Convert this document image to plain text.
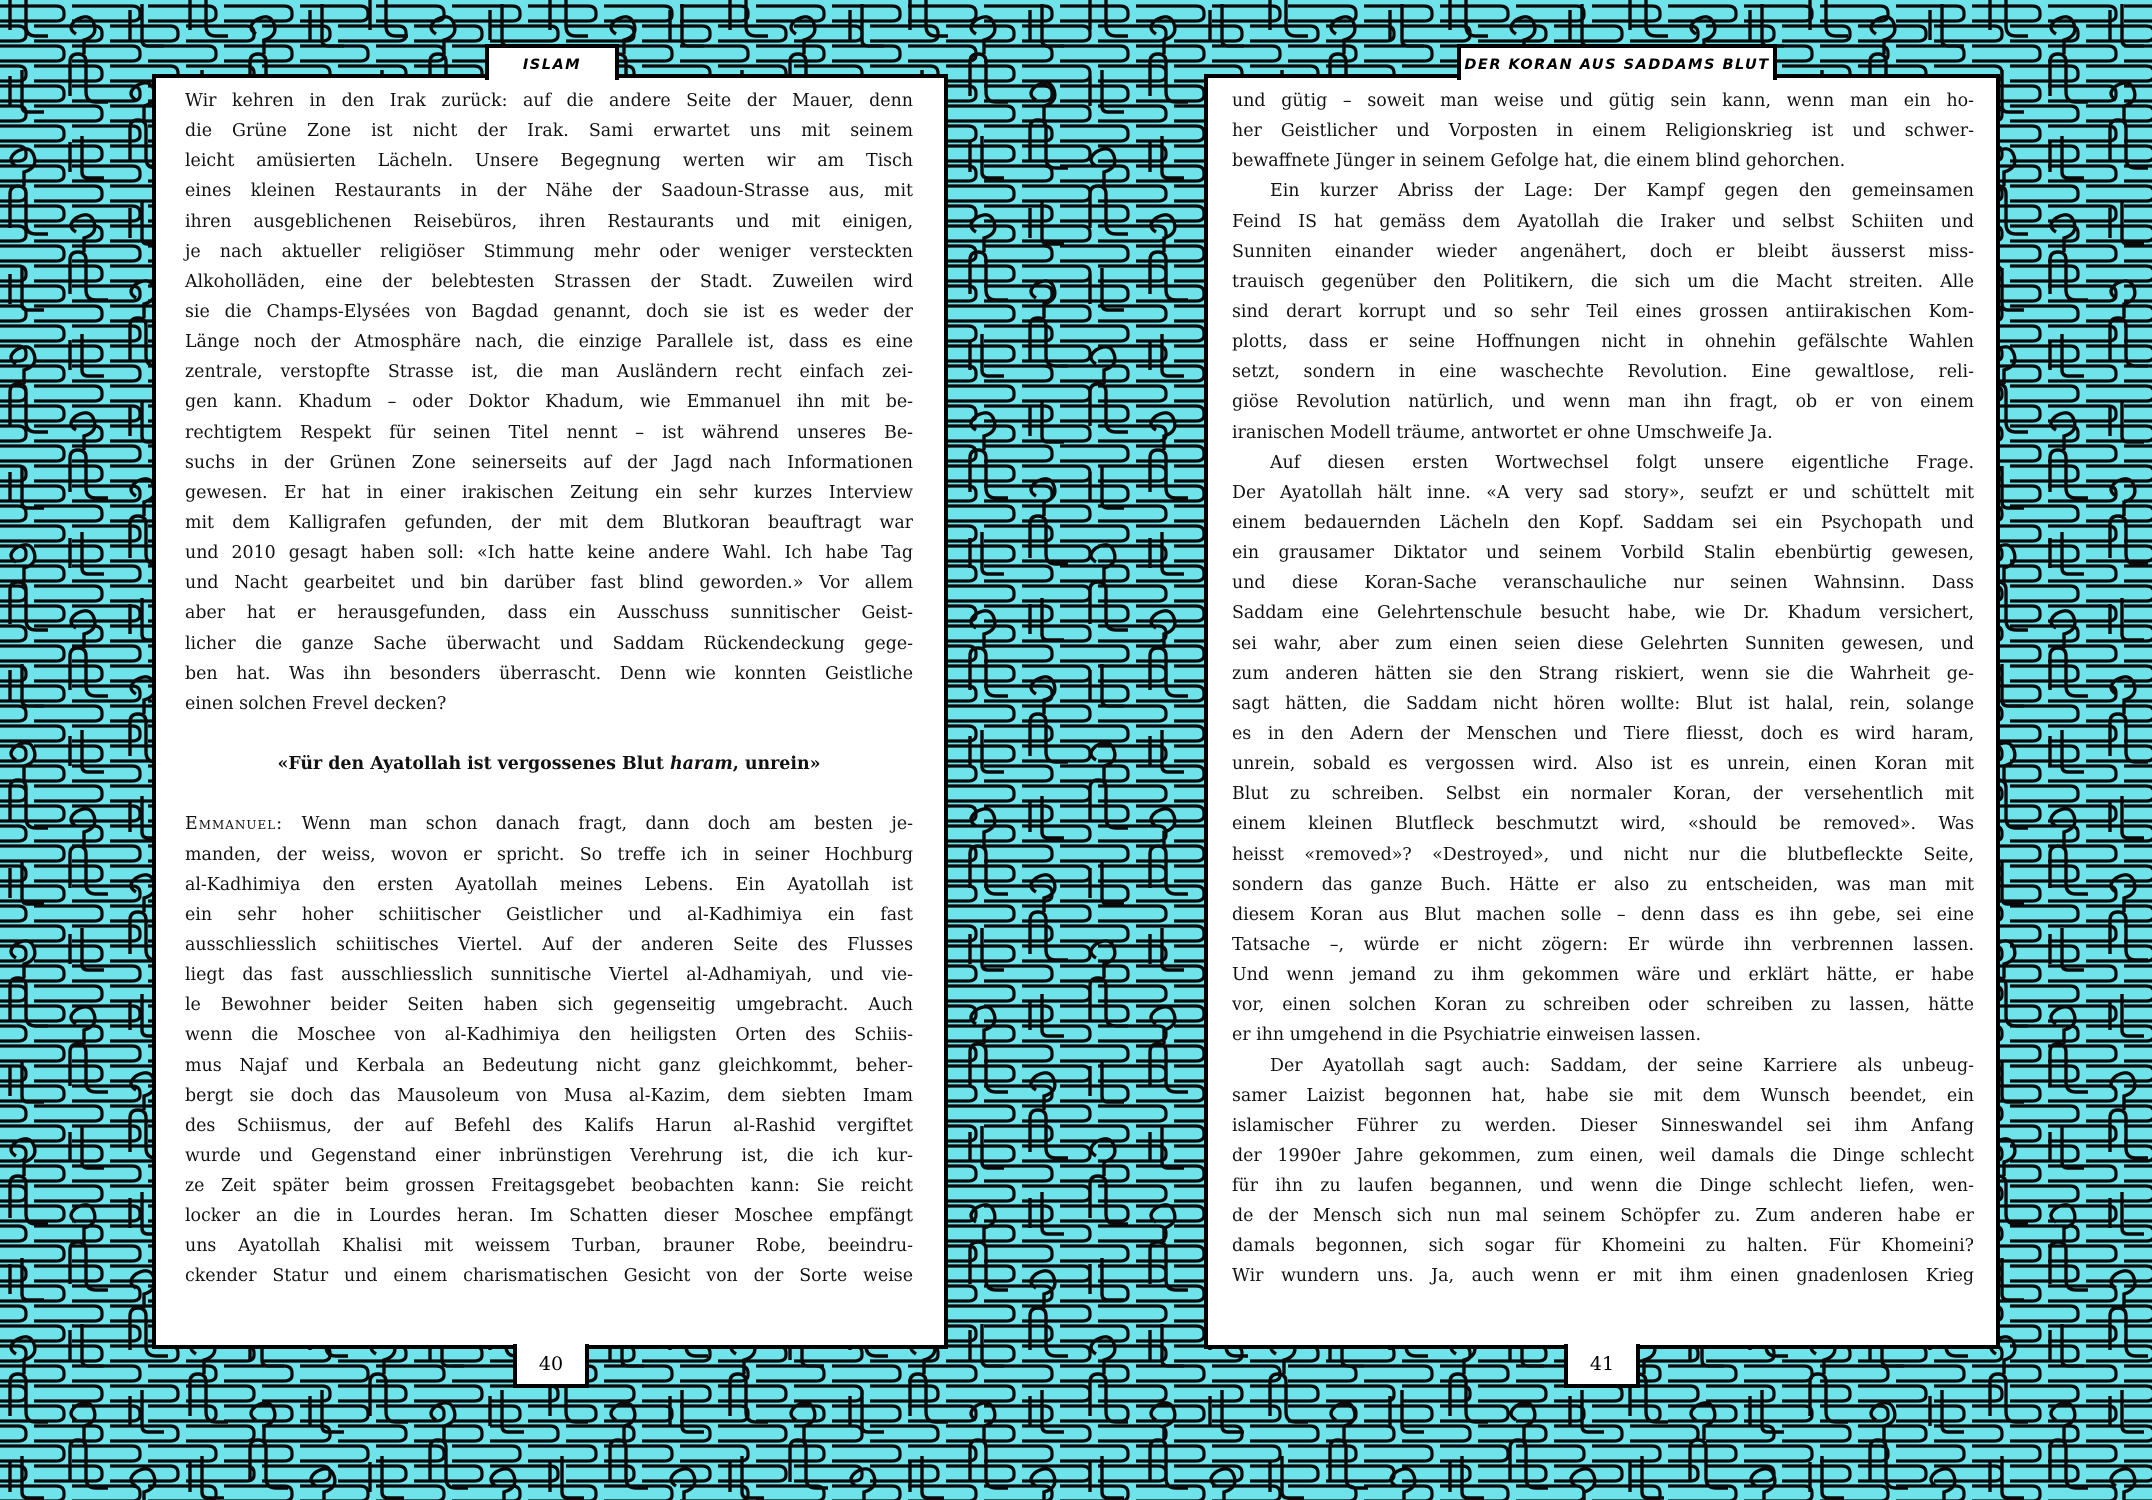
ISLAM
40
Wir kehren in den Irak zurück: auf die andere Seite der Mauer, denn
die Grüne Zone ist nicht der Irak. Sami erwartet uns mit seinem
leicht amüsierten Lächeln. Unsere Begegnung werten wir am Tisch
eines kleinen Restaurants in der Nähe der Saadoun-Strasse aus, mit
ihren ausgeblichenen Reisebüros, ihren Restaurants und mit einigen,
je nach aktueller religiöser Stimmung mehr oder weniger versteckten
Alkoholläden, eine der belebtesten Strassen der Stadt. Zuweilen wird
sie die Champs-Elysées von Bagdad genannt, doch sie ist es weder der
Länge noch der Atmosphäre nach, die einzige Parallele ist, dass es eine
zentrale, verstopfte Strasse ist, die man Ausländern recht einfach zei-
gen kann. Khadum – oder Doktor Khadum, wie Emmanuel ihn mit be-
rechtigtem Respekt für seinen Titel nennt – ist während unseres Be-
suchs in der Grünen Zone seinerseits auf der Jagd nach Informationen
gewesen. Er hat in einer irakischen Zeitung ein sehr kurzes Interview
mit dem Kalligrafen gefunden, der mit dem Blutkoran beauftragt war
und 2010 gesagt haben soll: «Ich hatte keine andere Wahl. Ich habe Tag
und Nacht gearbeitet und bin darüber fast blind geworden.» Vor allem
aber hat er herausgefunden, dass ein Ausschuss sunnitischer Geist-
licher die ganze Sache überwacht und Saddam Rückendeckung gege-
ben hat. Was ihn besonders überrascht. Denn wie konnten Geistliche
einen solchen Frevel decken?
«Für den Ayatollah ist vergossenes Blut haram, unrein»
Emmanuel: Wenn man schon danach fragt, dann doch am besten je-
manden, der weiss, wovon er spricht. So treffe ich in seiner Hochburg
al-Kadhimiya den ersten Ayatollah meines Lebens. Ein Ayatollah ist
ein sehr hoher schiitischer Geistlicher und al-Kadhimiya ein fast
ausschliesslich schiitisches Viertel. Auf der anderen Seite des Flusses
liegt das fast ausschliesslich sunnitische Viertel al-Adhamiyah, und vie-
le Bewohner beider Seiten haben sich gegenseitig umgebracht. Auch
wenn die Moschee von al-Kadhimiya den heiligsten Orten des Schiis-
mus Najaf und Kerbala an Bedeutung nicht ganz gleichkommt, beher-
bergt sie doch das Mausoleum von Musa al-Kazim, dem siebten Imam
des Schiismus, der auf Befehl des Kalifs Harun al-Rashid vergiftet
wurde und Gegenstand einer inbrünstigen Verehrung ist, die ich kur-
ze Zeit später beim grossen Freitagsgebet beobachten kann: Sie reicht
locker an die in Lourdes heran. Im Schatten dieser Moschee empfängt
uns Ayatollah Khalisi mit weissem Turban, brauner Robe, beeindru-
ckender Statur und einem charismatischen Gesicht von der Sorte weise
DER KORAN AUS SADDAMS BLUT
41
und gütig – soweit man weise und gütig sein kann, wenn man ein ho-
her Geistlicher und Vorposten in einem Religionskrieg ist und schwer-
bewaffnete Jünger in seinem Gefolge hat, die einem blind gehorchen.
Ein kurzer Abriss der Lage: Der Kampf gegen den gemeinsamen
Feind IS hat gemäss dem Ayatollah die Iraker und selbst Schiiten und
Sunniten einander wieder angenähert, doch er bleibt äusserst miss-
trauisch gegenüber den Politikern, die sich um die Macht streiten. Alle
sind derart korrupt und so sehr Teil eines grossen antiirakischen Kom-
plotts, dass er seine Hoffnungen nicht in ohnehin gefälschte Wahlen
setzt, sondern in eine waschechte Revolution. Eine gewaltlose, reli-
giöse Revolution natürlich, und wenn man ihn fragt, ob er von einem
iranischen Modell träume, antwortet er ohne Umschweife Ja.
Auf diesen ersten Wortwechsel folgt unsere eigentliche Frage.
Der Ayatollah hält inne. «A very sad story», seufzt er und schüttelt mit
einem bedauernden Lächeln den Kopf. Saddam sei ein Psychopath und
ein grausamer Diktator und seinem Vorbild Stalin ebenbürtig gewesen,
und diese Koran-Sache veranschauliche nur seinen Wahnsinn. Dass
Saddam eine Gelehrtenschule besucht habe, wie Dr. Khadum versichert,
sei wahr, aber zum einen seien diese Gelehrten Sunniten gewesen, und
zum anderen hätten sie den Strang riskiert, wenn sie die Wahrheit ge-
sagt hätten, die Saddam nicht hören wollte: Blut ist halal, rein, solange
es in den Adern der Menschen und Tiere fliesst, doch es wird haram,
unrein, sobald es vergossen wird. Also ist es unrein, einen Koran mit
Blut zu schreiben. Selbst ein normaler Koran, der versehentlich mit
einem kleinen Blutfleck beschmutzt wird, «should be removed». Was
heisst «removed»? «Destroyed», und nicht nur die blutbefleckte Seite,
sondern das ganze Buch. Hätte er also zu entscheiden, was man mit
diesem Koran aus Blut machen solle – denn dass es ihn gebe, sei eine
Tatsache –, würde er nicht zögern: Er würde ihn verbrennen lassen.
Und wenn jemand zu ihm gekommen wäre und erklärt hätte, er habe
vor, einen solchen Koran zu schreiben oder schreiben zu lassen, hätte
er ihn umgehend in die Psychiatrie einweisen lassen.
Der Ayatollah sagt auch: Saddam, der seine Karriere als unbeug-
samer Laizist begonnen hat, habe sie mit dem Wunsch beendet, ein
islamischer Führer zu werden. Dieser Sinneswandel sei ihm Anfang
der 1990er Jahre gekommen, zum einen, weil damals die Dinge schlecht
für ihn zu laufen begannen, und wenn die Dinge schlecht liefen, wen-
de der Mensch sich nun mal seinem Schöpfer zu. Zum anderen habe er
damals begonnen, sich sogar für Khomeini zu halten. Für Khomeini?
Wir wundern uns. Ja, auch wenn er mit ihm einen gnadenlosen Krieg
